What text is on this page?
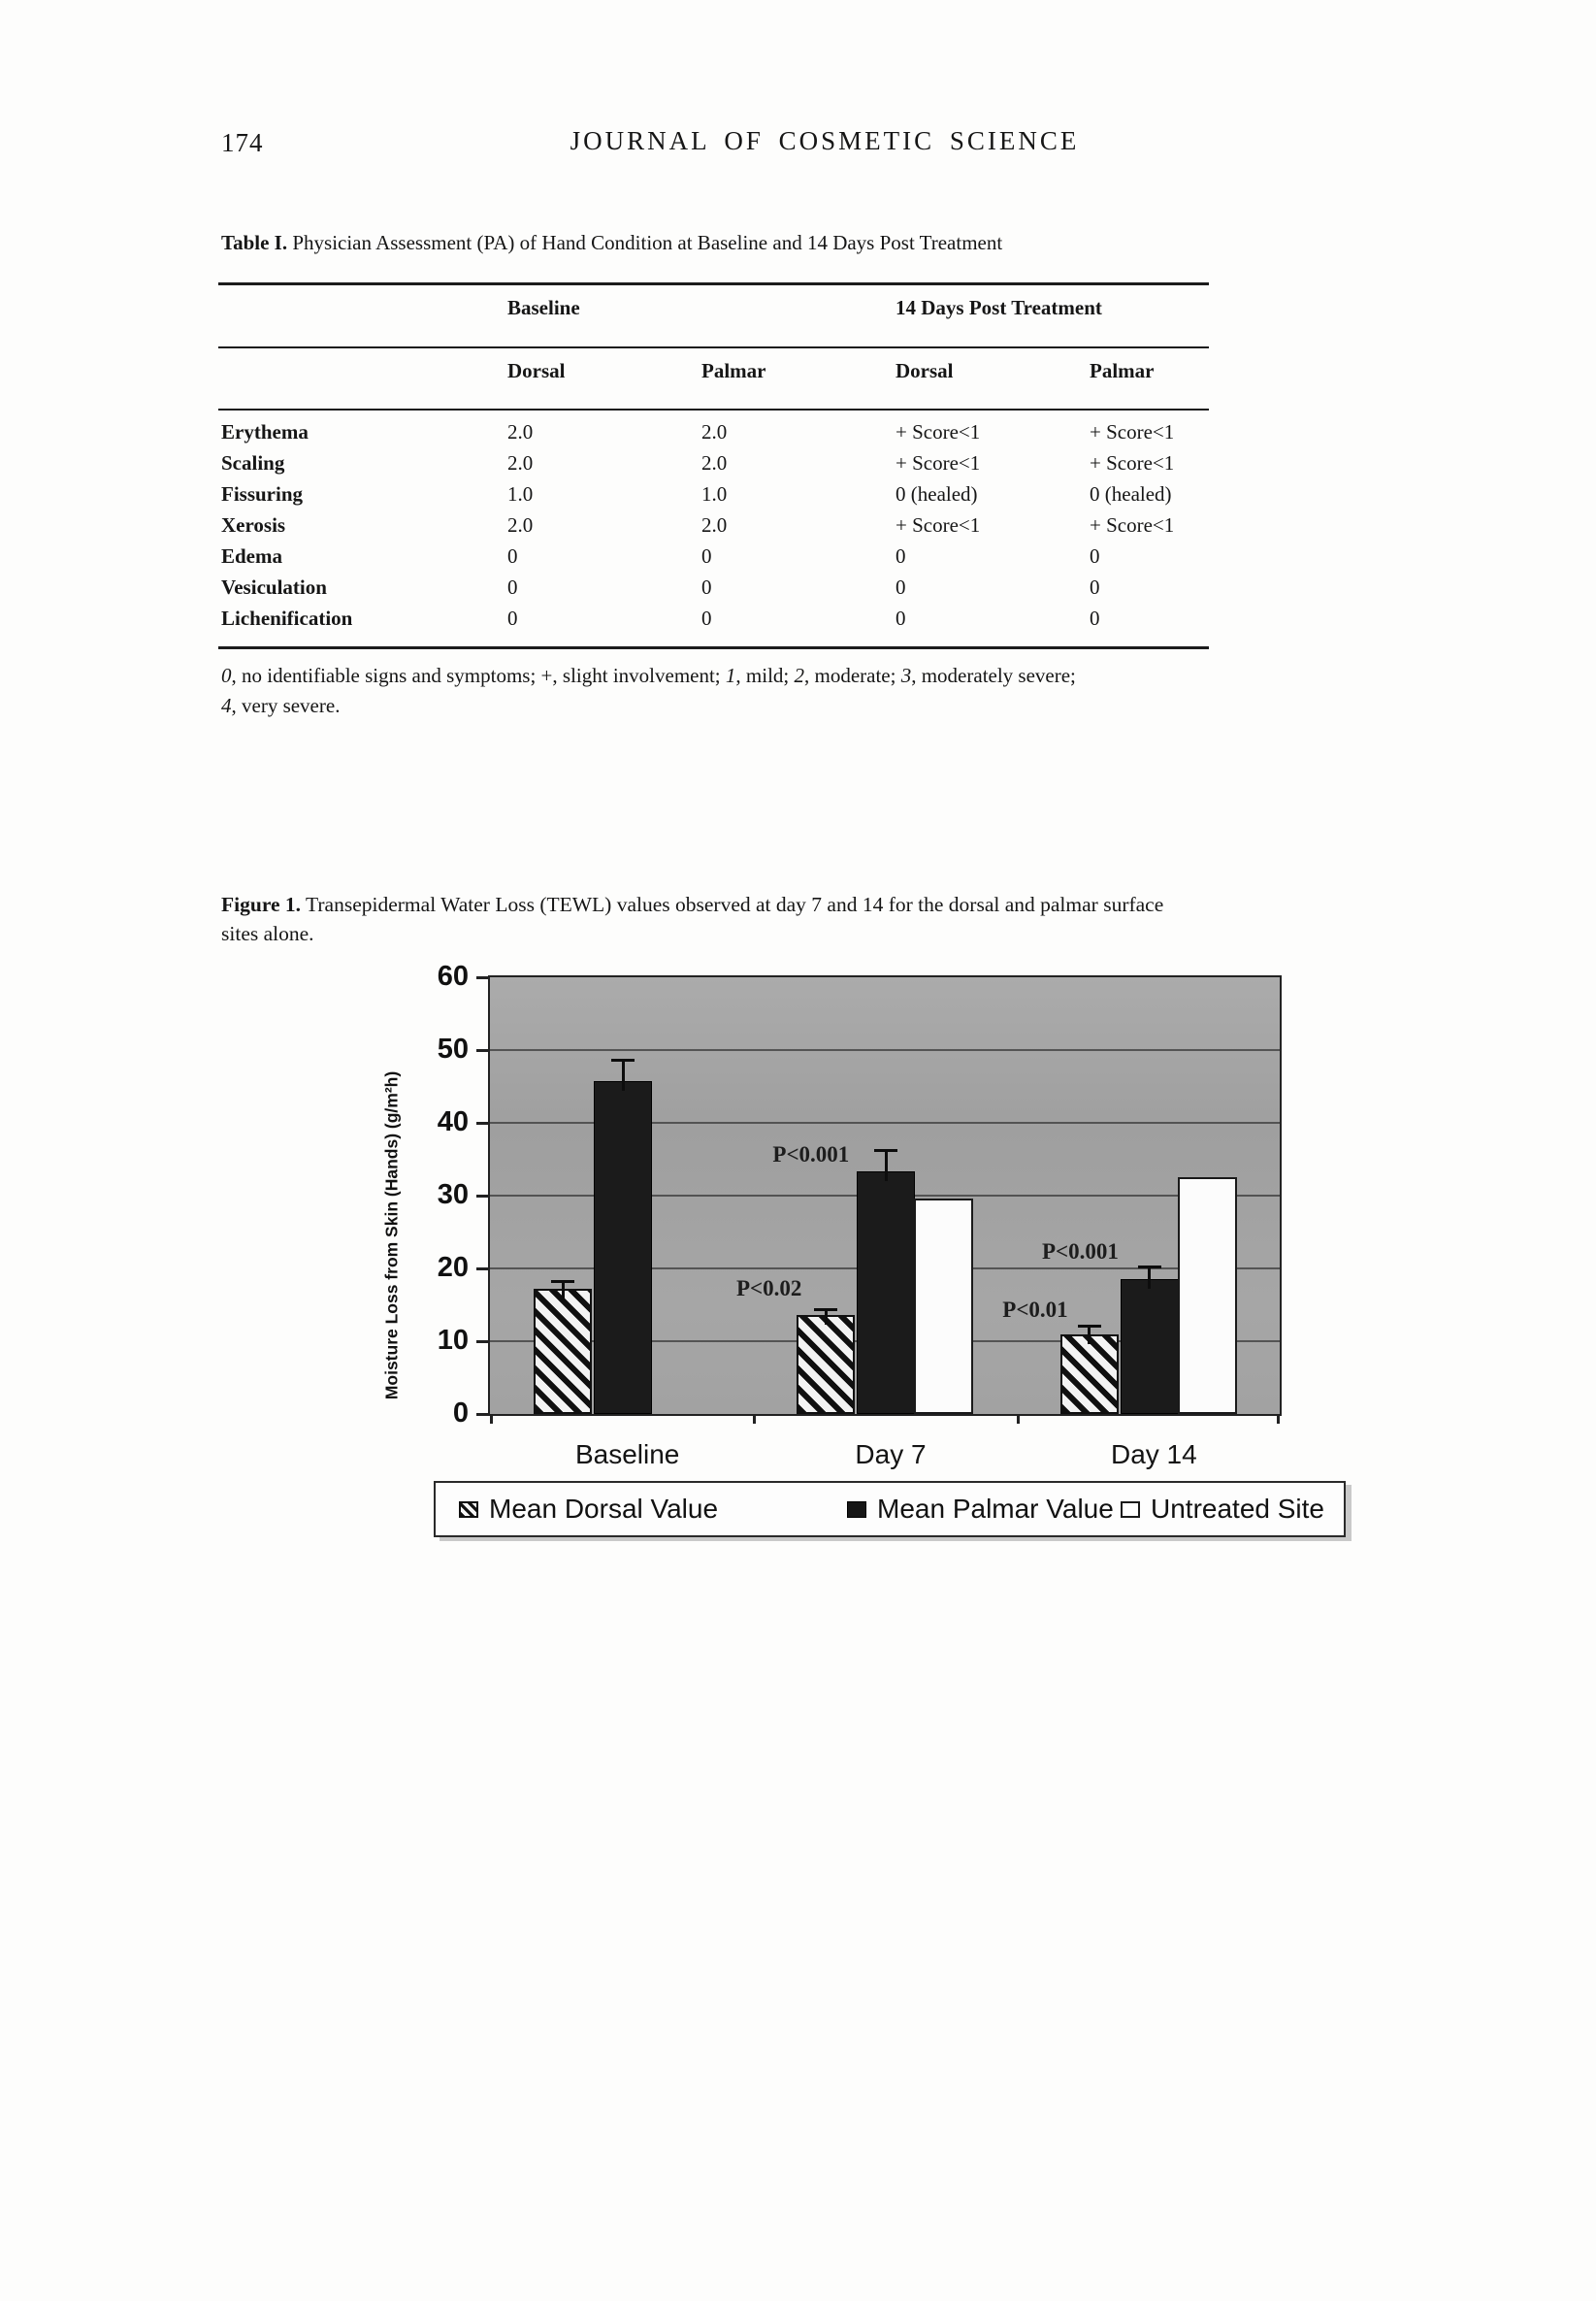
174	JOURNAL OF COSMETIC SCIENCE
Table I. Physician Assessment (PA) of Hand Condition at Baseline and 14 Days Post Treatment
Baseline	14 Days Post Treatment
Dorsal	Palmar	Dorsal	Palmar
Erythema	2.0	2.0	+ Score<1	+ Score<1
Scaling	2.0	2.0	+ Score<1	+ Score<1
Fissuring	1.0	1.0	0 (healed)	0 (healed)
Xerosis	2.0	2.0	+ Score<1	+ Score<1
Edema	0	0	0	0
Vesiculation	0	0	0	0
Lichenification	0	0	0	0
0, no identifiable signs and symptoms; +, slight involvement; 1, mild; 2, moderate; 3, moderately severe;
4, very severe.
Figure 1. Transepidermal Water Loss (TEWL) values observed at day 7 and 14 for the dorsal and palmar surface
sites alone.
Moisture Loss from Skin (Hands) (g/m²h)
0
10
20
30
40
50
60
Baseline	Day 7	Day 14
P<0.001
P<0.02
P<0.001
P<0.01
Mean Dorsal Value	Mean Palmar Value Untreated Site
